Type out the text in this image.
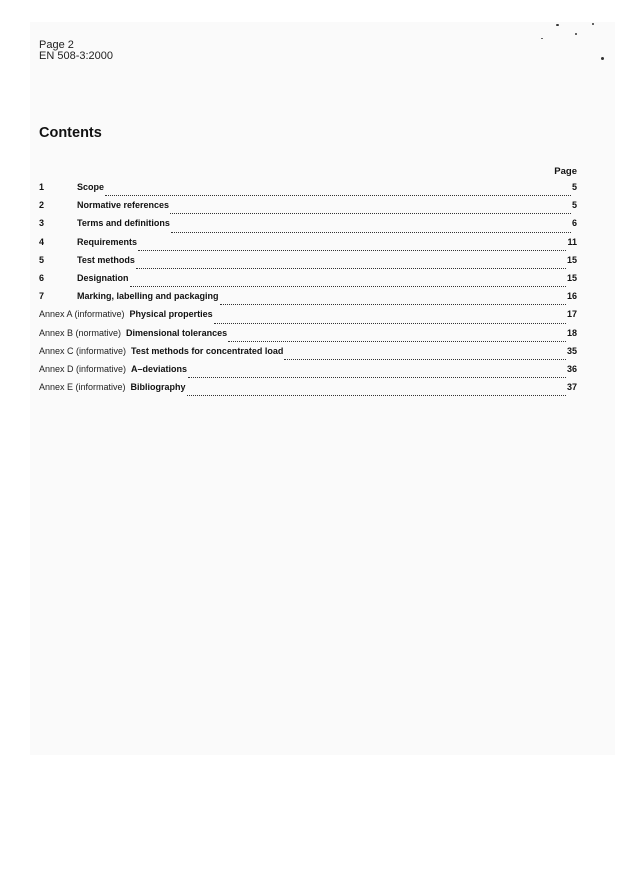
Page 2
EN 508-3:2000
Contents
Page
1	Scope	5
2	Normative references	5
3	Terms and definitions	6
4	Requirements	11
5	Test methods	15
6	Designation	15
7	Marking, labelling and packaging	16
Annex A (informative) Physical properties	17
Annex B (normative) Dimensional tolerances	18
Annex C (informative) Test methods for concentrated load	35
Annex D (informative) A–deviations	36
Annex E (informative) Bibliography	37
